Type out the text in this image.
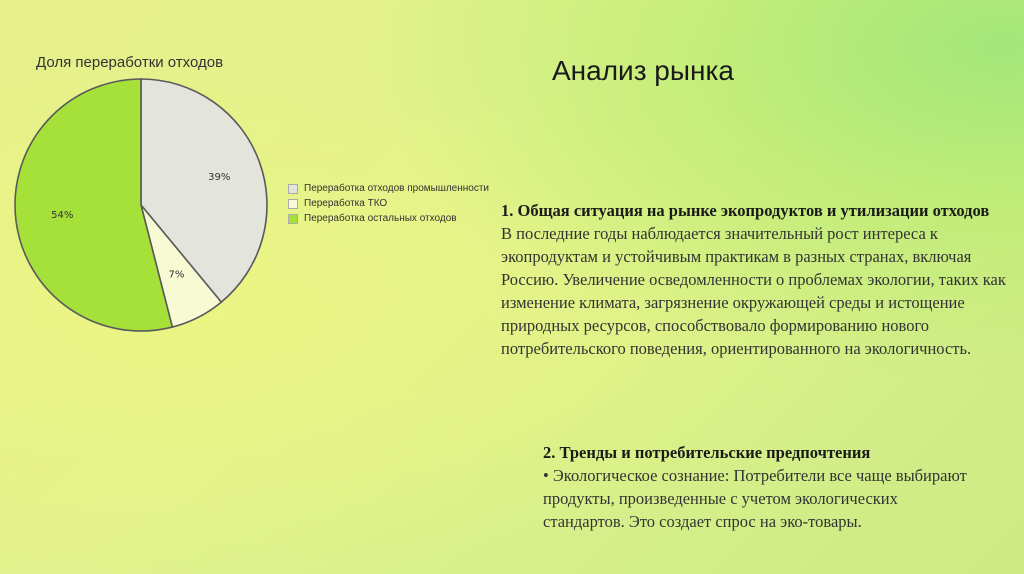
Доля переработки отходов
39%
7%
54%
Переработка отходов промышленности
Переработка ТКО
Переработка остальных отходов
Анализ рынка
1. Общая ситуация на рынке экопродуктов и утилизации отходов
В последние годы наблюдается значительный рост интереса к экопродуктам и устойчивым практикам в разных странах, включая Россию. Увеличение осведомленности о проблемах экологии, таких как изменение климата, загрязнение окружающей среды и истощение природных ресурсов, способствовало формированию нового потребительского поведения, ориентированного на экологичность.
2. Тренды и потребительские предпочтения
• Экологическое сознание: Потребители все чаще выбирают продукты, произведенные с учетом экологических стандартов. Это создает спрос на эко-товары.
